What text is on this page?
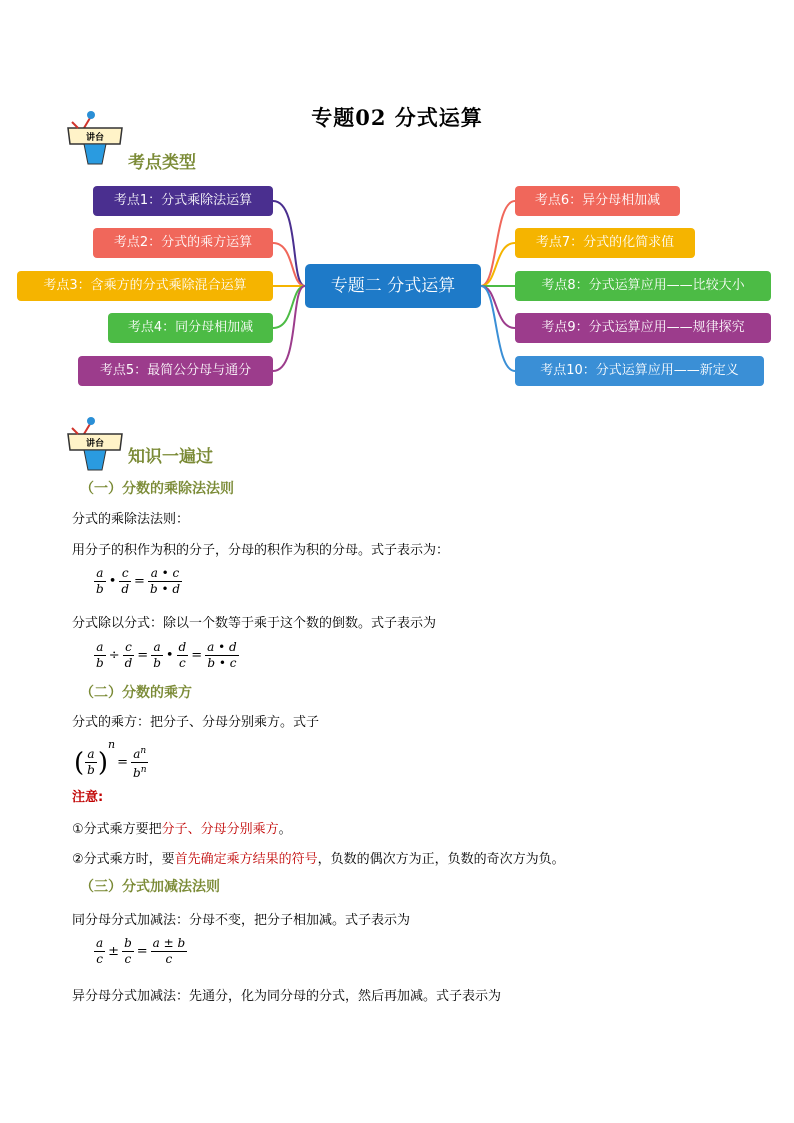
专题02 分式运算
讲台
考点类型
专题二 分式运算
考点1：分式乘除法运算
考点2：分式的乘方运算
考点3：含乘方的分式乘除混合运算
考点4：同分母相加减
考点5：最简公分母与通分
考点6：异分母相加减
考点7：分式的化简求值
考点8：分式运算应用——比较大小
考点9：分式运算应用——规律探究
考点10：分式运算应用——新定义
讲台
知识一遍过
（一）分数的乘除法法则
分式的乘除法法则：
用分子的积作为积的分子，分母的积作为积的分母。式子表示为：
$\frac{a}{b}$ • $\frac{c}{d} = \frac{a • c}{b • d}$
分式除以分式：除以一个数等于乘于这个数的倒数。式子表示为
$\frac{a}{b} \div \frac{c}{d} = \frac{a}{b}$ • $\frac{d}{c} = \frac{a • d}{b • c}$
（二）分数的乘方
分式的乘方：把分子、分母分别乘方。式子
( $\frac{a}{b} )^n= \frac{a^n}{b^n}$
注意:
①分式乘方要把分子、分母分别乘方。
②分式乘方时，要首先确定乘方结果的符号，负数的偶次方为正，负数的奇次方为负。
（三）分式加减法法则
同分母分式加减法：分母不变，把分子相加减。式子表示为
$\frac{a}{c} \pm \frac{b}{c} = \frac{a \pm b}{c}$
异分母分式加减法：先通分，化为同分母的分式，然后再加减。式子表示为
